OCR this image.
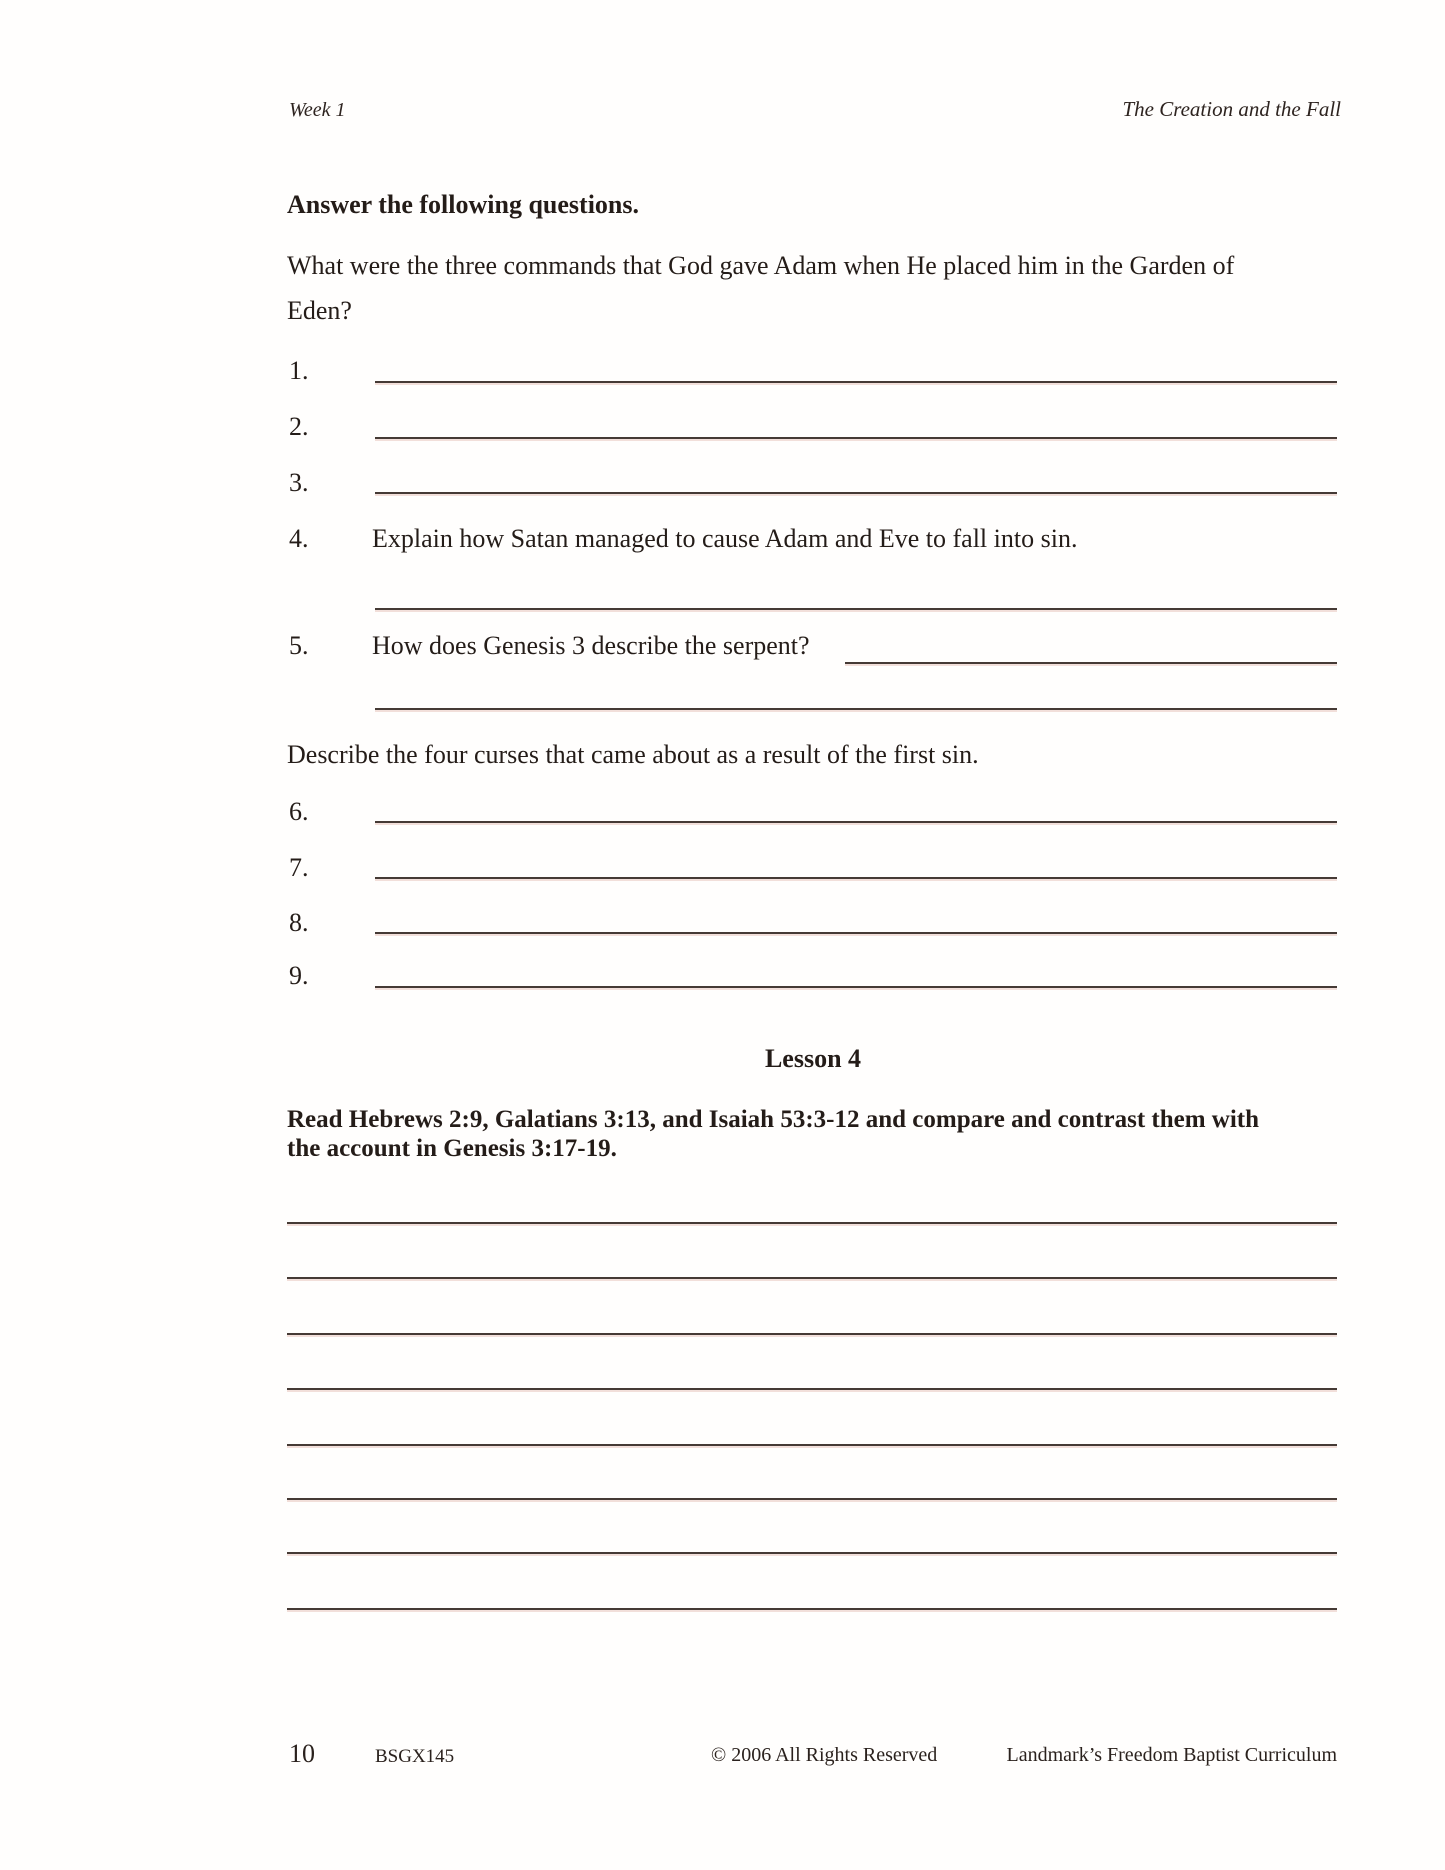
Week 1	The Creation and the Fall
Answer the following questions.
What were the three commands that God gave Adam when He placed him in the Garden of
Eden?
1.
2.
3.
4.	Explain how Satan managed to cause Adam and Eve to fall into sin.
5.	How does Genesis 3 describe the serpent?
Describe the four curses that came about as a result of the first sin.
6.
7.
8.
9.
Lesson 4
Read Hebrews 2:9, Galatians 3:13, and Isaiah 53:3-12 and compare and contrast them with
the account in Genesis 3:17-19.
10	BSGX145	© 2006 All Rights Reserved	Landmark’s Freedom Baptist Curriculum
